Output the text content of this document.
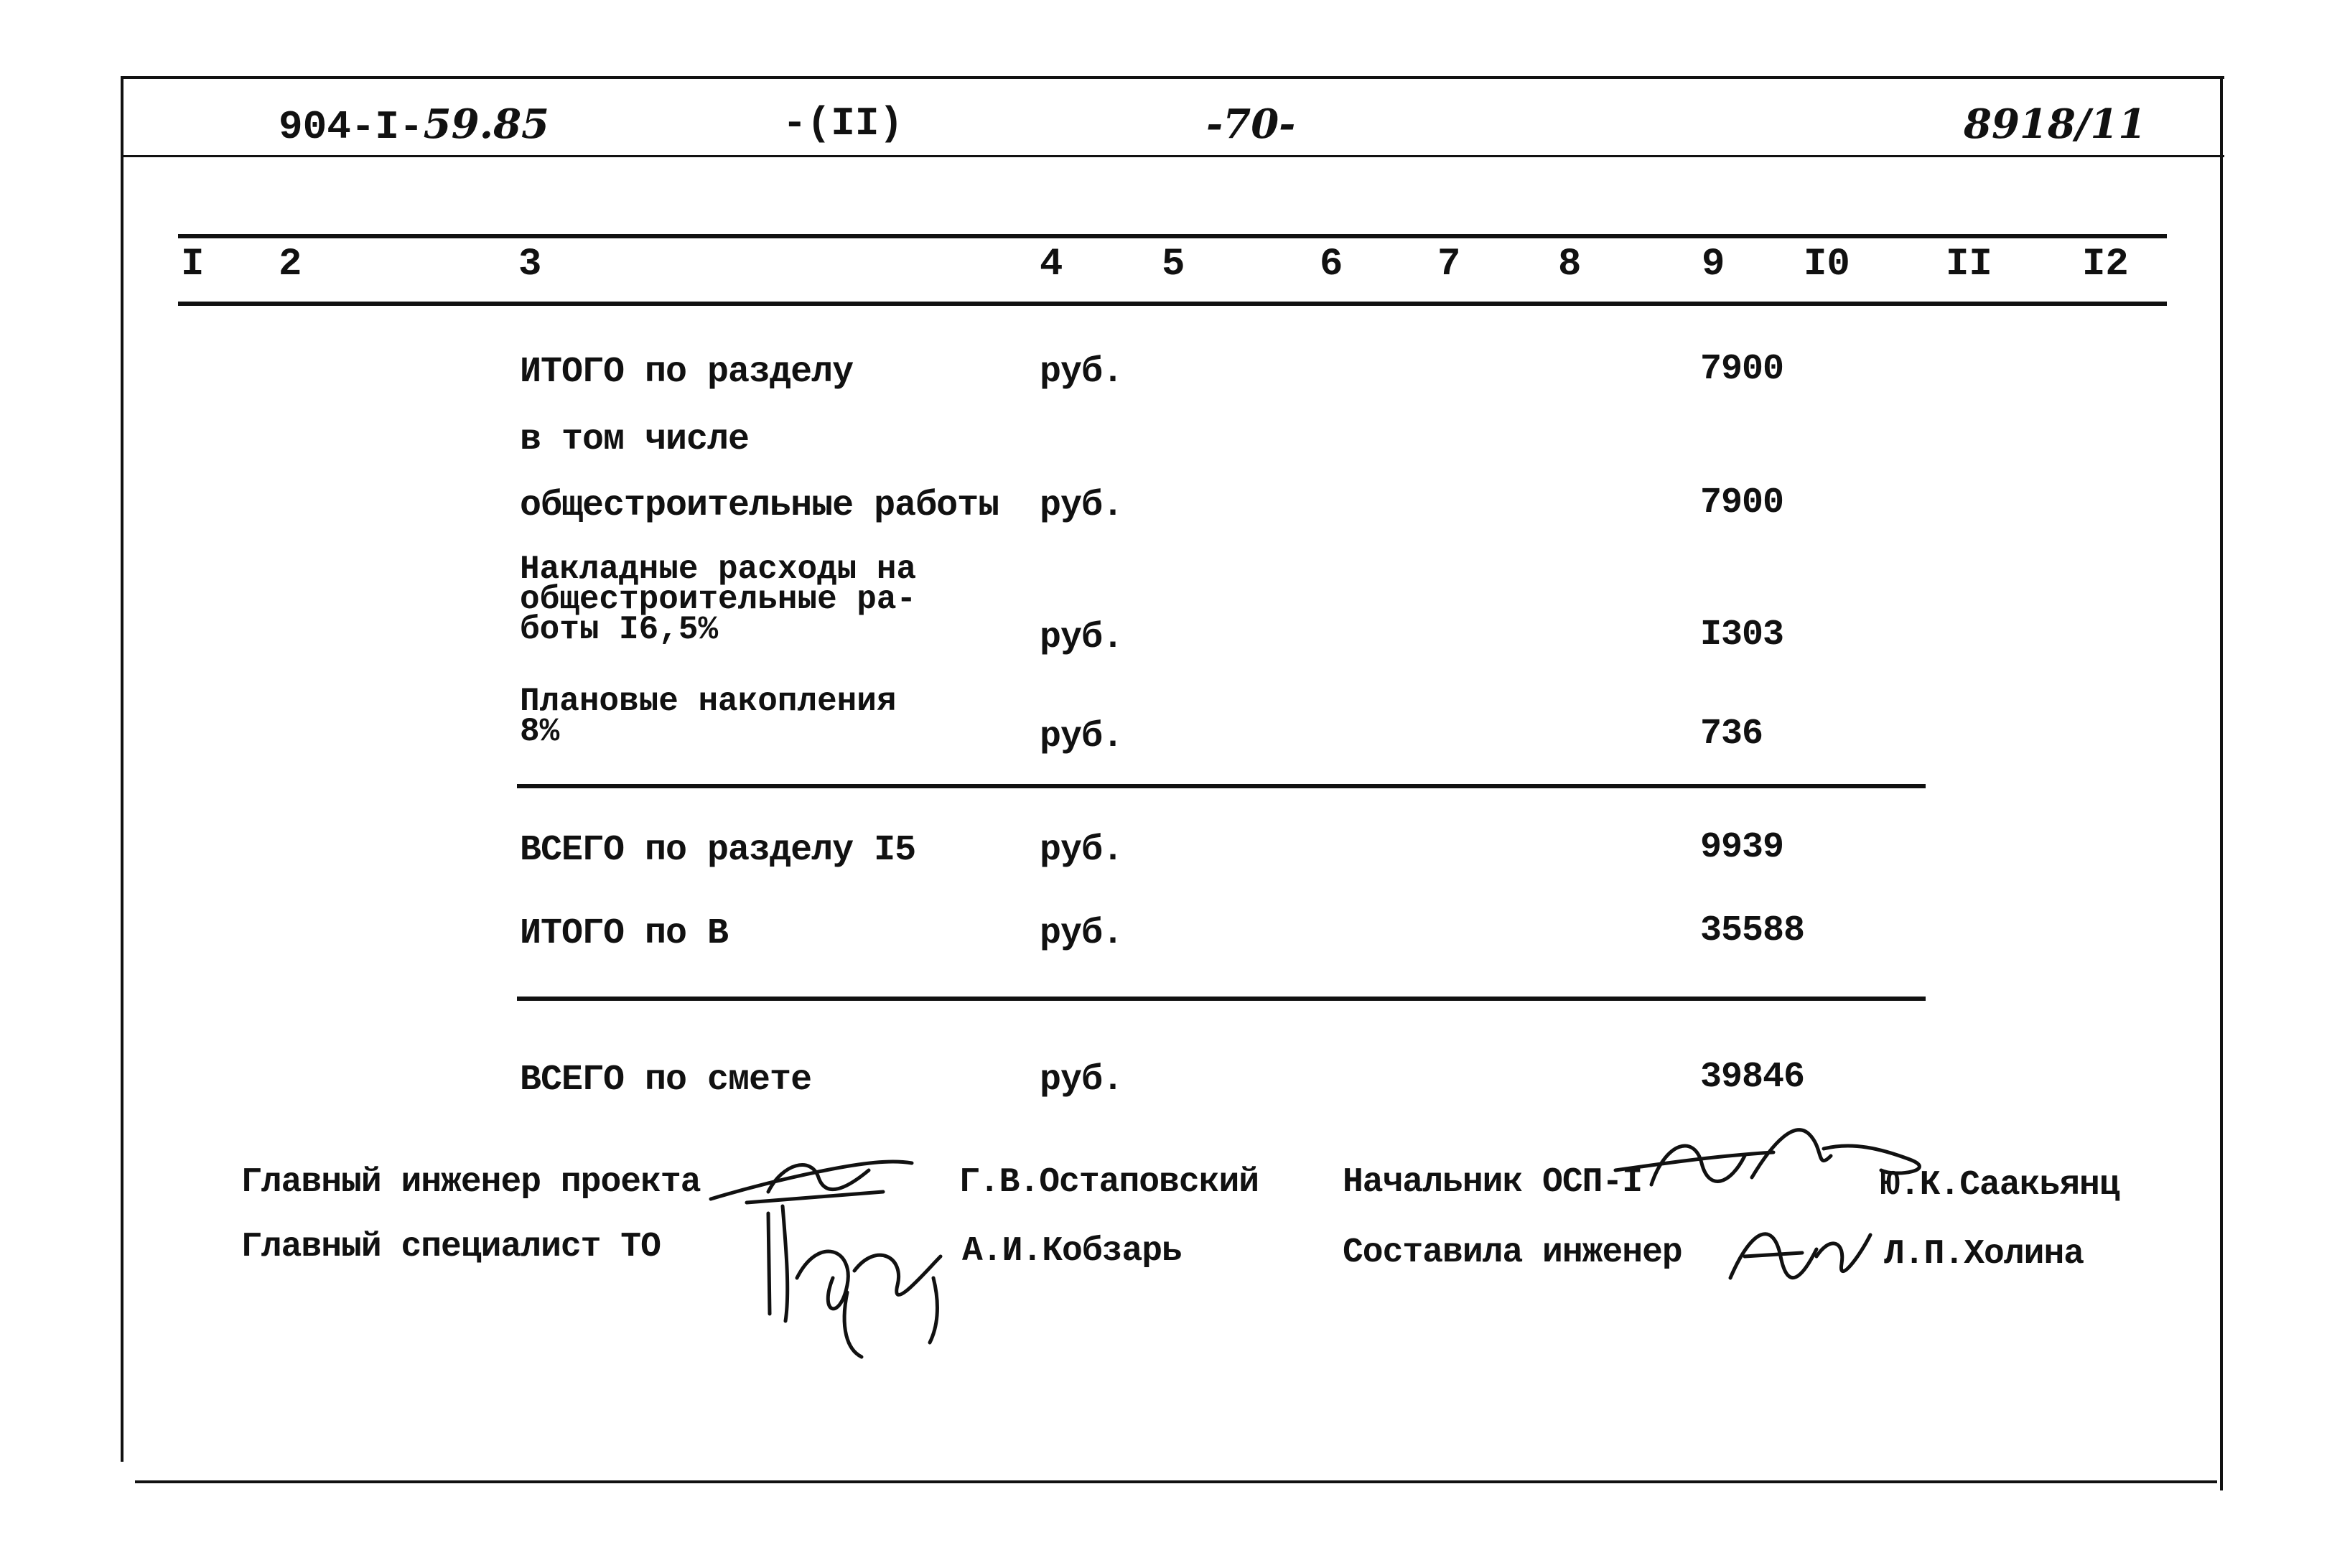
904-I-59.85	-(II)	-70-	8918/11
I 2	3	4	5	6 7	8	9 I0 II I2
ИТОГО по разделу	руб.	7900
в том числе
общестроительные работы руб.	7900
Накладные расходы на
общестроительные ра-
боты I6,5%	руб.	I303
Плановые накопления
8%	руб.	736
ВСЕГО по разделу I5	руб.	9939
ИТОГО по В	руб.	35588
ВСЕГО по смете	руб.	39846
Главный инженер проекта	Г.В.Остаповский
Главный специалист ТО	А.И.Кобзарь
Начальник ОСП-I	Ю.К.Саакьянц
Составила инженер	Л.П.Холина
